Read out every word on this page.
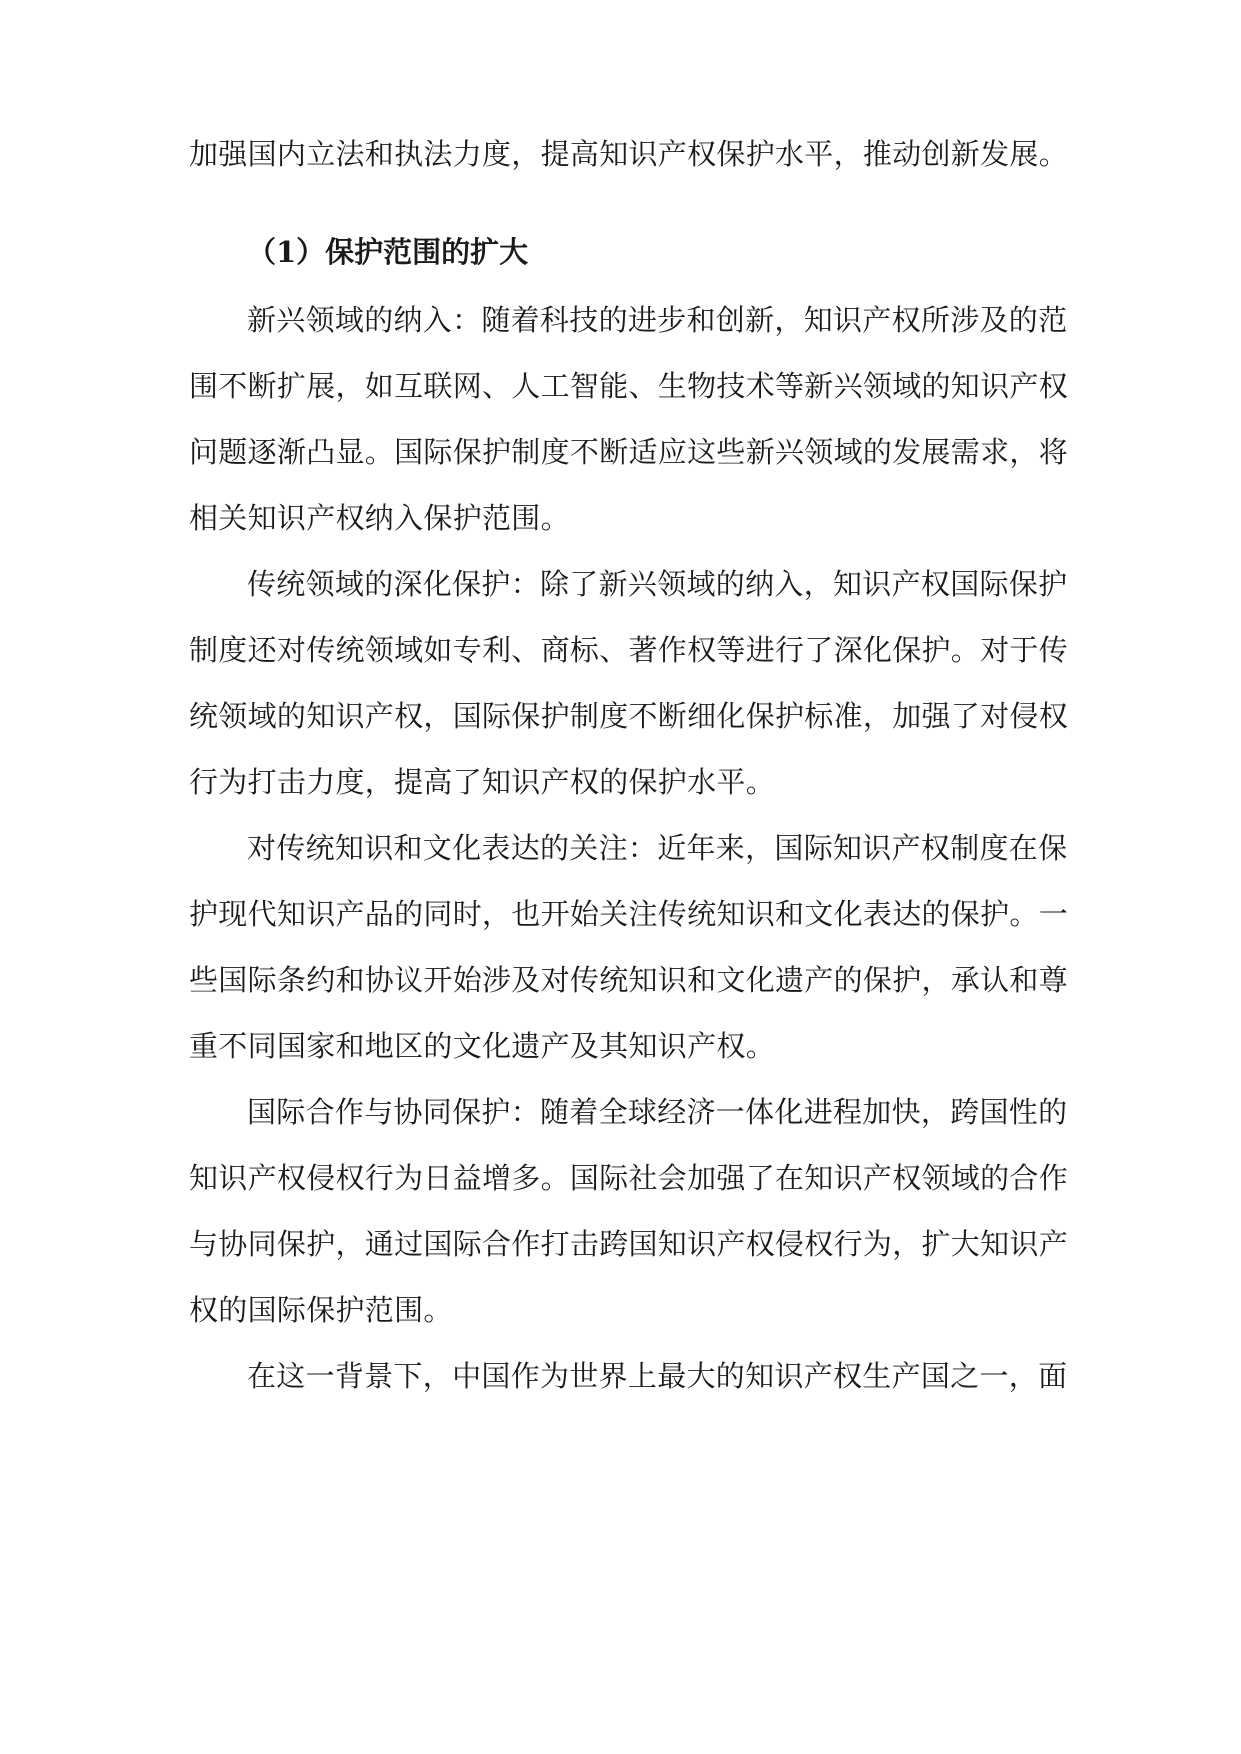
加强国内立法和执法力度，提高知识产权保护水平，推动创新发展。
（1）保护范围的扩大
新兴领域的纳入：随着科技的进步和创新，知识产权所涉及的范
围不断扩展，如互联网、人工智能、生物技术等新兴领域的知识产权
问题逐渐凸显。国际保护制度不断适应这些新兴领域的发展需求，将
相关知识产权纳入保护范围。
传统领域的深化保护：除了新兴领域的纳入，知识产权国际保护
制度还对传统领域如专利、商标、著作权等进行了深化保护。对于传
统领域的知识产权，国际保护制度不断细化保护标准，加强了对侵权
行为打击力度，提高了知识产权的保护水平。
对传统知识和文化表达的关注：近年来，国际知识产权制度在保
护现代知识产品的同时，也开始关注传统知识和文化表达的保护。一
些国际条约和协议开始涉及对传统知识和文化遗产的保护，承认和尊
重不同国家和地区的文化遗产及其知识产权。
国际合作与协同保护：随着全球经济一体化进程加快，跨国性的
知识产权侵权行为日益增多。国际社会加强了在知识产权领域的合作
与协同保护，通过国际合作打击跨国知识产权侵权行为，扩大知识产
权的国际保护范围。
在这一背景下，中国作为世界上最大的知识产权生产国之一，面
